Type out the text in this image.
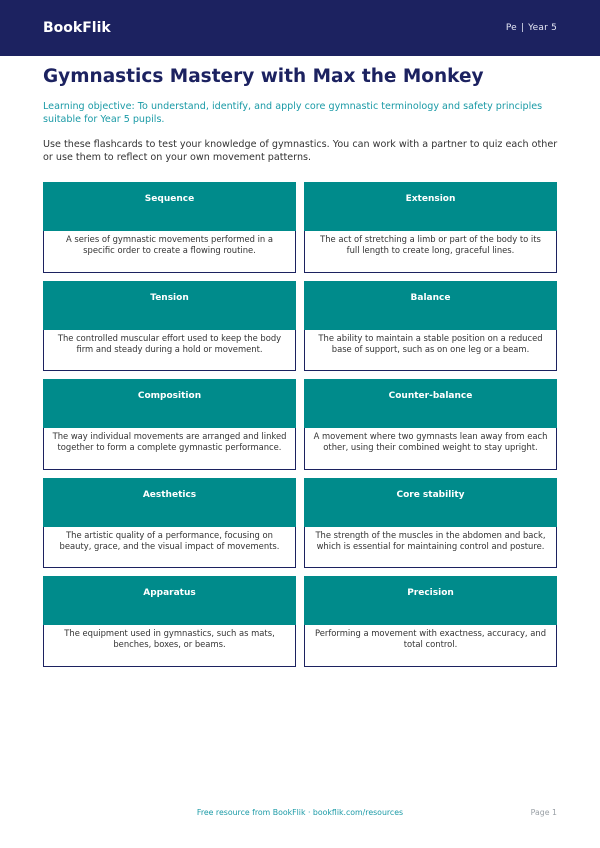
BookFlik	Pe | Year 5
Gymnastics Mastery with Max the Monkey

Learning objective: To understand, identify, and apply core gymnastic terminology and safety principles suitable for Year 5 pupils.

Use these flashcards to test your knowledge of gymnastics. You can work with a partner to quiz each other or use them to reflect on your own movement patterns.

Sequence
A series of gymnastic movements performed in a specific order to create a flowing routine.
Extension
The act of stretching a limb or part of the body to its full length to create long, graceful lines.
Tension
The controlled muscular effort used to keep the body firm and steady during a hold or movement.
Balance
The ability to maintain a stable position on a reduced base of support, such as on one leg or a beam.
Composition
The way individual movements are arranged and linked together to form a complete gymnastic performance.
Counter-balance
A movement where two gymnasts lean away from each other, using their combined weight to stay upright.
Aesthetics
The artistic quality of a performance, focusing on beauty, grace, and the visual impact of movements.
Core stability
The strength of the muscles in the abdomen and back, which is essential for maintaining control and posture.
Apparatus
The equipment used in gymnastics, such as mats, benches, boxes, or beams.
Precision
Performing a movement with exactness, accuracy, and total control.
Free resource from BookFlik · bookflik.com/resources	Page 1
